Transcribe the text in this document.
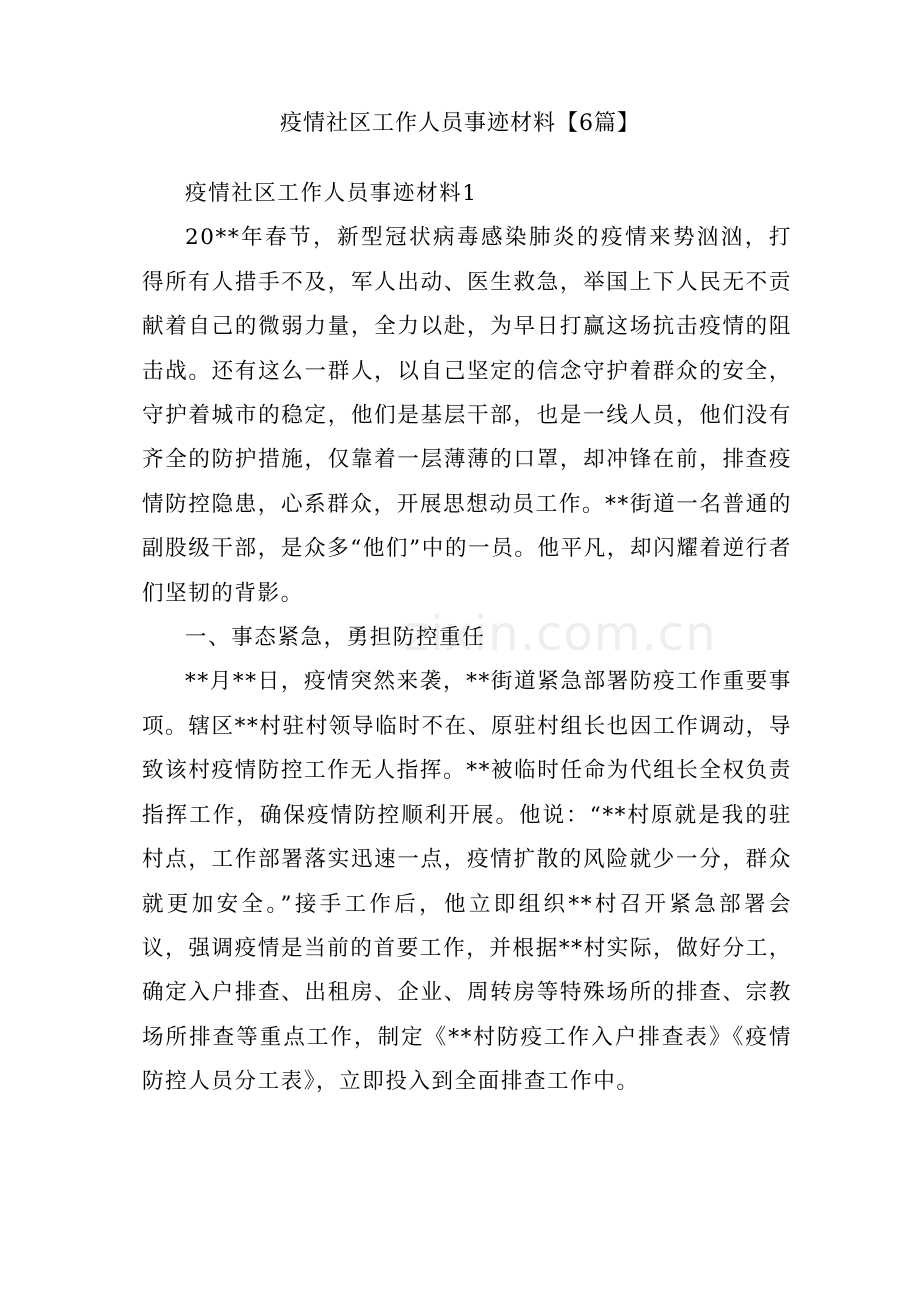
疫情社区工作人员事迹材料【6篇】

疫情社区工作人员事迹材料1

20**年春节，新型冠状病毒感染肺炎的疫情来势汹汹，打得所有人措手不及，军人出动、医生救急，举国上下人民无不贡献着自己的微弱力量，全力以赴，为早日打赢这场抗击疫情的阻击战。还有这么一群人，以自己坚定的信念守护着群众的安全，守护着城市的稳定，他们是基层干部，也是一线人员，他们没有齐全的防护措施，仅靠着一层薄薄的口罩，却冲锋在前，排查疫情防控隐患，心系群众，开展思想动员工作。**街道一名普通的副股级干部，是众多“他们”中的一员。他平凡，却闪耀着逆行者们坚韧的背影。

一、事态紧急，勇担防控重任

**月**日，疫情突然来袭，**街道紧急部署防疫工作重要事项。辖区**村驻村领导临时不在、原驻村组长也因工作调动，导致该村疫情防控工作无人指挥。**被临时任命为代组长全权负责指挥工作，确保疫情防控顺利开展。他说：“**村原就是我的驻村点，工作部署落实迅速一点，疫情扩散的风险就少一分，群众就更加安全。”接手工作后，他立即组织**村召开紧急部署会议，强调疫情是当前的首要工作，并根据**村实际，做好分工，确定入户排查、出租房、企业、周转房等特殊场所的排查、宗教场所排查等重点工作，制定《**村防疫工作入户排查表》《疫情防控人员分工表》，立即投入到全面排查工作中。

zixin.com.cn
